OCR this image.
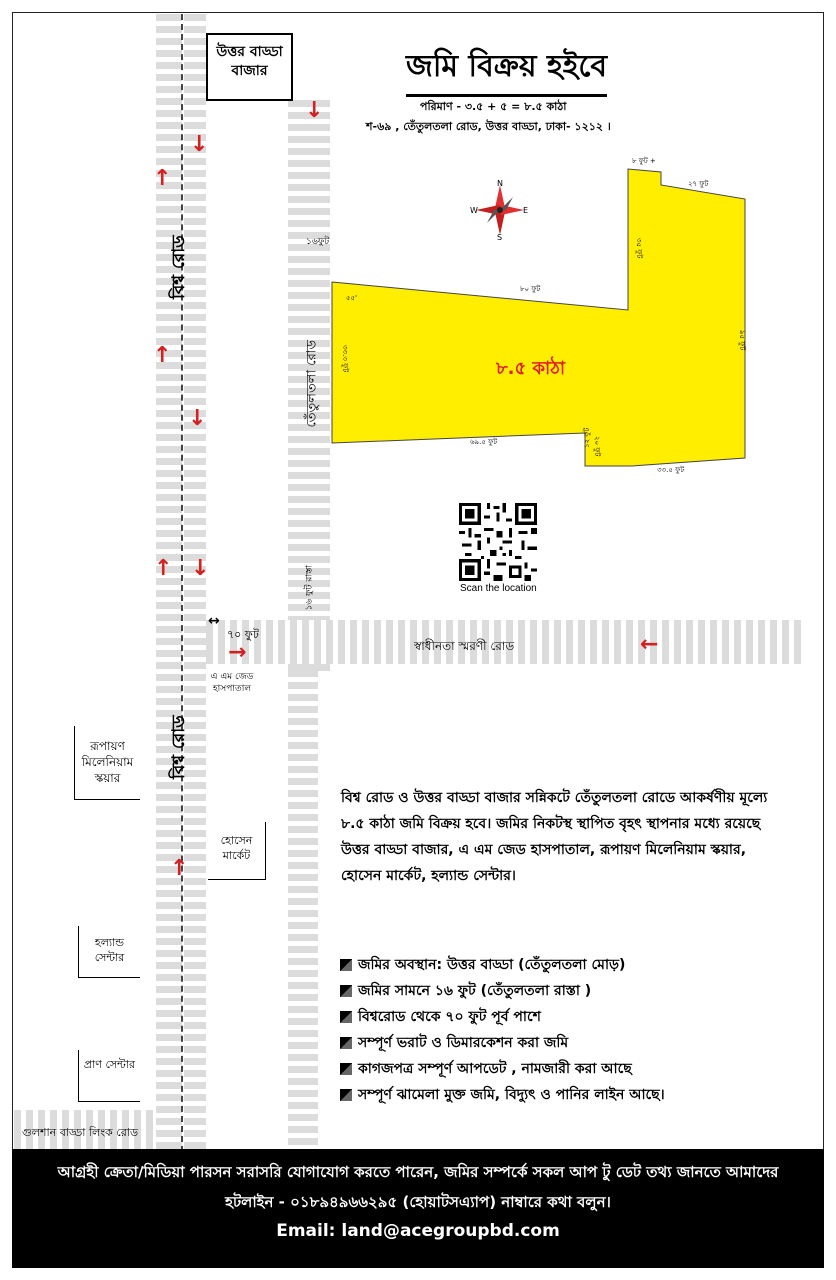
উত্তর বাড্ডা বাজার
বিশ্ব রোড
বিশ্ব রোড
তেঁতুলতলা রোড
১৬ফুট
১৬ ফুট রাস্তা
৭০ ফুট
স্বাধীনতা স্মরণী রোড
এ এম জেড হাসপাতাল
রূপায়ণ মিলেনিয়াম স্কয়ার
হোসেন মার্কেট
হল্যান্ড সেন্টার
প্রাণ সেন্টার
গুলশান বাড্ডা লিংক রোড
↑
↓
↑
↓
↑ ↓
↓
↑
→	←
↔
জমি বিক্রয় হইবে
পরিমাণ - ৩.৫ + ৫ = ৮.৫ কাঠা
শ-৬৯ , তেঁতুলতলা রোড, উত্তর বাড্ডা, ঢাকা- ১২১২ ।
N
S
E
W
৮ ফুট +
২৭ ফুট
৫৫'
৮০ ফুট
৯৫ ফুট
৩৫ ফুট
৩৩.৩ ফুট
৬৯.৫ ফুট	২০ ফুট
১২ ফুট
৩৩.৫ ফুট
৮.৫ কাঠা
Scan the location
বিশ্ব রোড ও উত্তর বাড্ডা বাজার সন্নিকটে তেঁতুলতলা রোডে আকর্ষণীয় মূল্যে ৮.৫ কাঠা জমি বিক্রয় হবে। জমির নিকটস্থ স্থাপিত বৃহৎ স্থাপনার মধ্যে রয়েছে উত্তর বাড্ডা বাজার, এ এম জেড হাসপাতাল, রূপায়ণ মিলেনিয়াম স্কয়ার, হোসেন মার্কেট, হল্যান্ড সেন্টার।
জমির অবস্থান: উত্তর বাড্ডা (তেঁতুলতলা মোড়)
জমির সামনে ১৬ ফুট (তেঁতুলতলা রাস্তা )
বিশ্বরোড থেকে ৭০ ফুট পূর্ব পাশে
সম্পূর্ণ ভরাট ও ডিমারকেশন করা জমি
কাগজপত্র সম্পূর্ণ আপডেট , নামজারী করা আছে
সম্পূর্ণ ঝামেলা মুক্ত জমি, বিদ্যুৎ ও পানির লাইন আছে।
আগ্রহী ক্রেতা/মিডিয়া পারসন সরাসরি যোগাযোগ করতে পারেন, জমির সম্পর্কে সকল আপ টু ডেট তথ্য জানতে আমাদের
হটলাইন - ০১৮৯৪৯৬৬২৯৫ (হোয়াটসএ্যাপ) নাম্বারে কথা বলুন।
Email: land@acegroupbd.com
